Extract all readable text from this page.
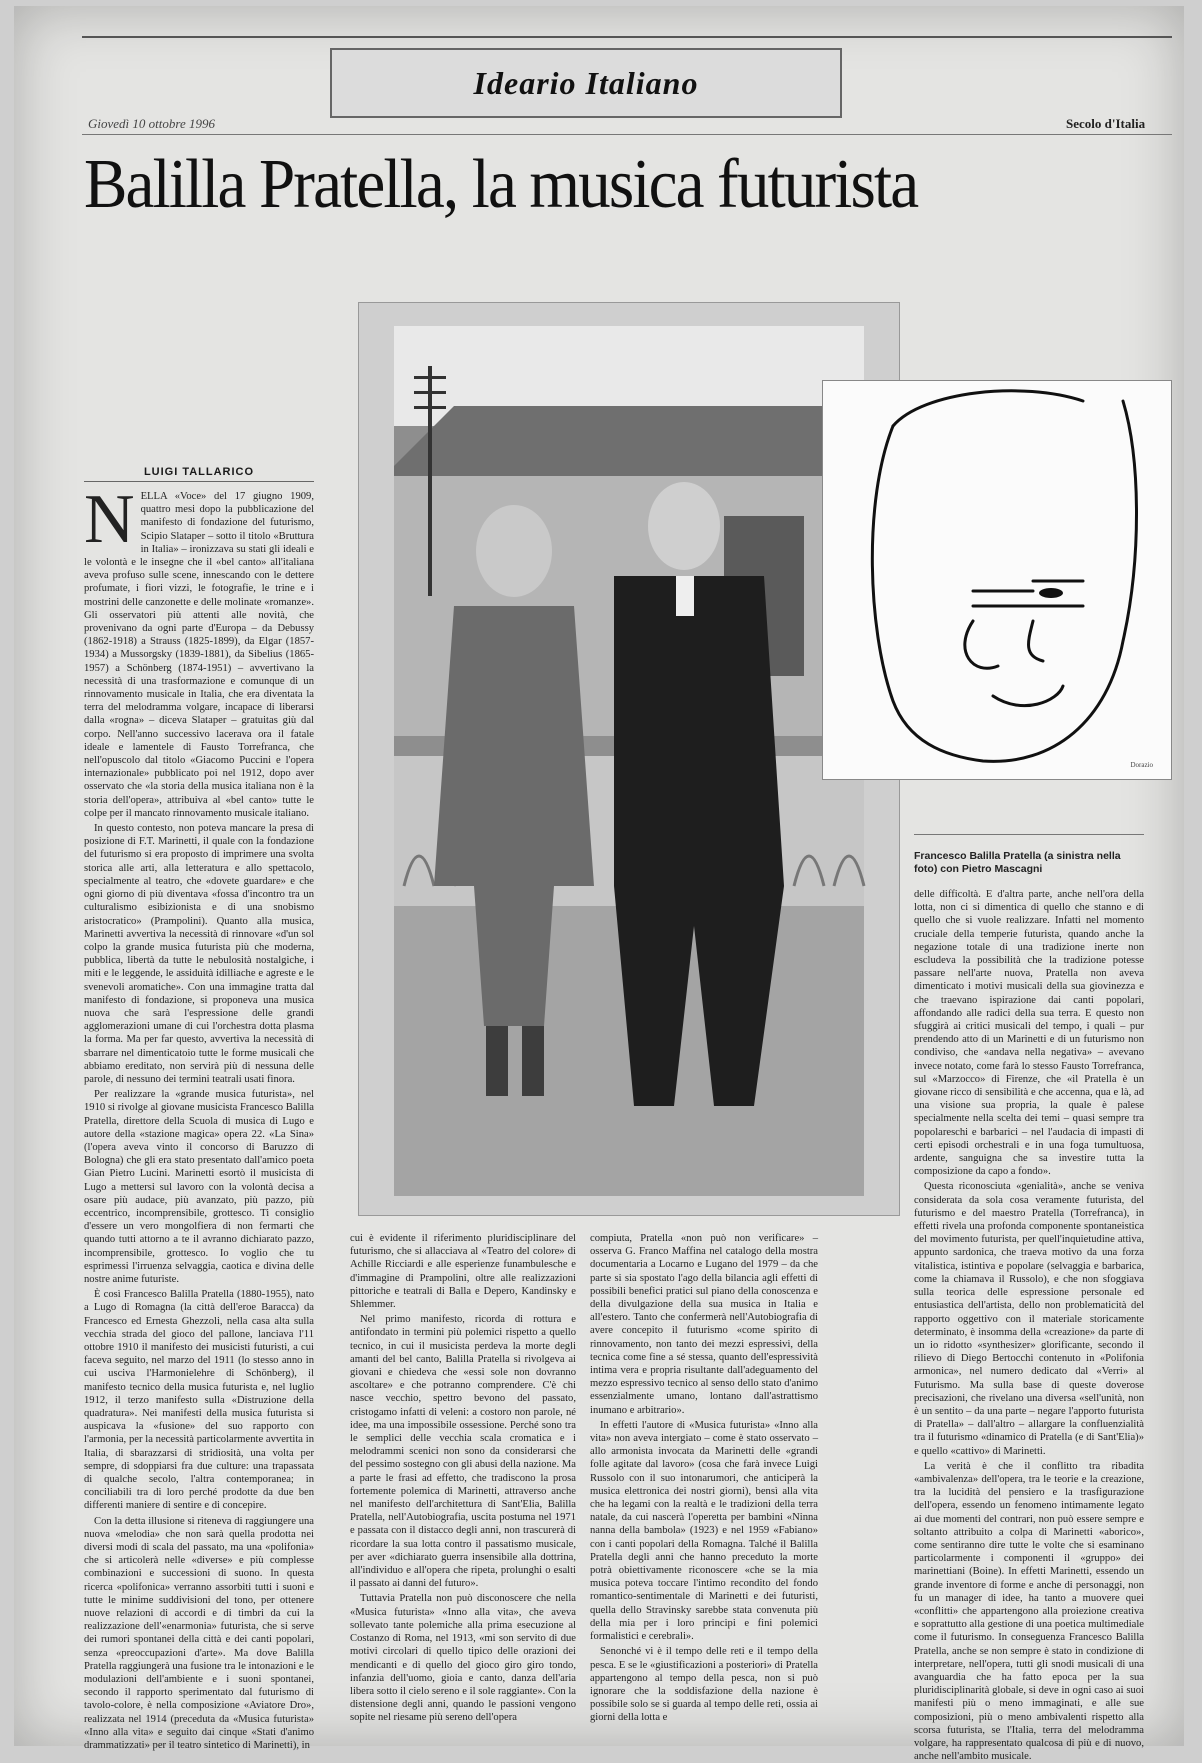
Ideario Italiano
Giovedì 10 ottobre 1996	Secolo d'Italia
Balilla Pratella, la musica futurista
LUIGI TALLARICO
N ELLA «Voce» del 17 giugno 1909, quattro mesi dopo la pubblicazione del manifesto di fondazione del futurismo, Scipio Slataper – sotto il titolo «Bruttura in Italia» – ironizzava su stati gli ideali e le volontà e le insegne che il «bel canto» all'italiana aveva profuso sulle scene, innescando con le dettere profumate, i fiori vizzi, le fotografie, le trine e i mostrini delle canzonette e delle molinate «romanze». Gli osservatori più attenti alle novità, che provenivano da ogni parte d'Europa – da Debussy (1862-1918) a Strauss (1825-1899), da Elgar (1857-1934) a Mussorgsky (1839-1881), da Sibelius (1865-1957) a Schönberg (1874-1951) – avvertivano la necessità di una trasformazione e comunque di un rinnovamento musicale in Italia, che era diventata la terra del melodramma volgare, incapace di liberarsi dalla «rogna» – diceva Slataper – gratuitas giù dal corpo. Nell'anno successivo lacerava ora il fatale ideale e lamentele di Fausto Torrefranca, che nell'opuscolo dal titolo «Giacomo Puccini e l'opera internazionale» pubblicato poi nel 1912, dopo aver osservato che «la storia della musica italiana non è la storia dell'opera», attribuiva al «bel canto» tutte le colpe per il mancato rinnovamento musicale italiano.

In questo contesto, non poteva mancare la presa di posizione di F.T. Marinetti, il quale con la fondazione del futurismo si era proposto di imprimere una svolta storica alle arti, alla letteratura e allo spettacolo, specialmente al teatro, che «dovete guardare» e che ogni giorno di più diventava «fossa d'incontro tra un culturalismo esibizionista e di una snobismo aristocratico» (Prampolini). Quanto alla musica, Marinetti avvertiva la necessità di rinnovare «d'un sol colpo la grande musica futurista più che moderna, pubblica, libertà da tutte le nebulosità nostalgiche, i miti e le leggende, le assiduità idilliache e agreste e le svenevoli aromatiche». Con una immagine tratta dal manifesto di fondazione, si proponeva una musica nuova che sarà l'espressione delle grandi agglomerazioni umane di cui l'orchestra dotta plasma la forma. Ma per far questo, avvertiva la necessità di sbarrare nel dimenticatoio tutte le forme musicali che abbiamo ereditato, non servirà più di nessuna delle parole, di nessuno dei termini teatrali usati finora.

Per realizzare la «grande musica futurista», nel 1910 si rivolge al giovane musicista Francesco Balilla Pratella, direttore della Scuola di musica di Lugo e autore della «stazione magica» opera 22. «La Sina» (l'opera aveva vinto il concorso di Baruzzo di Bologna) che gli era stato presentato dall'amico poeta Gian Pietro Lucini. Marinetti esortò il musicista di Lugo a mettersi sul lavoro con la volontà decisa a osare più audace, più avanzato, più pazzo, più eccentrico, incomprensibile, grottesco. Ti consiglio d'essere un vero mongolfiera di non fermarti che quando tutti attorno a te il avranno dichiarato pazzo, incomprensibile, grottesco. Io voglio che tu esprimessi l'irruenza selvaggia, caotica e divina delle nostre anime futuriste.

È così Francesco Balilla Pratella (1880-1955), nato a Lugo di Romagna (la città dell'eroe Baracca) da Francesco ed Ernesta Ghezzoli, nella casa alta sulla vecchia strada del gioco del pallone, lanciava l'11 ottobre 1910 il manifesto dei musicisti futuristi, a cui faceva seguito, nel marzo del 1911 (lo stesso anno in cui usciva l'Harmonielehre di Schönberg), il manifesto tecnico della musica futurista e, nel luglio 1912, il terzo manifesto sulla «Distruzione della quadratura». Nei manifesti della musica futurista si auspicava la «fusione» del suo rapporto con l'armonia, per la necessità particolarmente avvertita in Italia, di sbarazzarsi di stridiosità, una volta per sempre, di sdoppiarsi fra due culture: una trapassata di qualche secolo, l'altra contemporanea; in conciliabili tra di loro perché prodotte da due ben differenti maniere di sentire e di concepire.

Con la detta illusione si riteneva di raggiungere una nuova «melodia» che non sarà quella prodotta nei diversi modi di scala del passato, ma una «polifonia» che si articolerà nelle «diverse» e più complesse combinazioni e successioni di suono. In questa ricerca «polifonica» verranno assorbiti tutti i suoni e tutte le minime suddivisioni del tono, per ottenere nuove relazioni di accordi e di timbri da cui la realizzazione dell'«enarmonia» futurista, che si serve dei rumori spontanei della città e dei canti popolari, senza «preoccupazioni d'arte». Ma dove Balilla Pratella raggiungerà una fusione tra le intonazioni e le modulazioni dell'ambiente e i suoni spontanei, secondo il rapporto sperimentato dal futurismo di tavolo-colore, è nella composizione «Aviatore Dro», realizzata nel 1914 (preceduta da «Musica futurista» «Inno alla vita» e seguito dai cinque «Stati d'animo drammatizzati» per il teatro sintetico di Marinetti), in

Dorazio
Francesco Balilla Pratella (a sinistra nella foto) con Pietro Mascagni

cui è evidente il riferimento pluridisciplinare del futurismo, che si allacciava al «Teatro del colore» di Achille Ricciardi e alle esperienze funambulesche e d'immagine di Prampolini, oltre alle realizzazioni pittoriche e teatrali di Balla e Depero, Kandinsky e Shlemmer.

Nel primo manifesto, ricorda di rottura e antifondato in termini più polemici rispetto a quello tecnico, in cui il musicista perdeva la morte degli amanti del bel canto, Balilla Pratella si rivolgeva ai giovani e chiedeva che «essi sole non dovranno ascoltare» e che potranno comprendere. C'è chi nasce vecchio, spettro bevono del passato, cristogamo infatti di veleni: a costoro non parole, né idee, ma una impossibile ossessione. Perché sono tra le semplici delle vecchia scala cromatica e i melodrammi scenici non sono da considerarsi che del pessimo sostegno con gli abusi della nazione. Ma a parte le frasi ad effetto, che tradiscono la prosa fortemente polemica di Marinetti, attraverso anche nel manifesto dell'architettura di Sant'Elia, Balilla Pratella, nell'Autobiografia, uscita postuma nel 1971 e passata con il distacco degli anni, non trascurerà di ricordare la sua lotta contro il passatismo musicale, per aver «dichiarato guerra insensibile alla dottrina, all'individuo e all'opera che ripeta, prolunghi o esalti il passato ai danni del futuro».

Tuttavia Pratella non può disconoscere che nella «Musica futurista» «Inno alla vita», che aveva sollevato tante polemiche alla prima esecuzione al Costanzo di Roma, nel 1913, «mi son servito di due motivi circolari di quello tipico delle orazioni dei mendicanti e di quello del gioco giro giro tondo, infanzia dell'uomo, gioia e canto, danza dell'aria libera sotto il cielo sereno e il sole raggiante». Con la distensione degli anni, quando le passioni vengono sopite nel riesame più sereno dell'opera

compiuta, Pratella «non può non verificare» – osserva G. Franco Maffina nel catalogo della mostra documentaria a Locarno e Lugano del 1979 – da che parte si sia spostato l'ago della bilancia agli effetti di possibili benefici pratici sul piano della conoscenza e della divulgazione della sua musica in Italia e all'estero. Tanto che confermerà nell'Autobiografia di avere concepito il futurismo «come spirito di rinnovamento, non tanto dei mezzi espressivi, della tecnica come fine a sé stessa, quanto dell'espressività intima vera e propria risultante dall'adeguamento del mezzo espressivo tecnico al senso dello stato d'animo essenzialmente umano, lontano dall'astrattismo inumano e arbitrario».

In effetti l'autore di «Musica futurista» «Inno alla vita» non aveva intergiato – come è stato osservato – allo armonista invocata da Marinetti delle «grandi folle agitate dal lavoro» (cosa che farà invece Luigi Russolo con il suo intonarumori, che anticiperà la musica elettronica dei nostri giorni), bensì alla vita che ha legami con la realtà e le tradizioni della terra natale, da cui nascerà l'operetta per bambini «Ninna nanna della bambola» (1923) e nel 1959 «Fabiano» con i canti popolari della Romagna. Talché il Balilla Pratella degli anni che hanno preceduto la morte potrà obiettivamente riconoscere «che se la mia musica poteva toccare l'intimo recondito del fondo romantico-sentimentale di Marinetti e dei futuristi, quella dello Stravinsky sarebbe stata convenuta più della mia per i loro principi e fini polemici formalistici e cerebrali».

Senonché vi è il tempo delle reti e il tempo della pesca. E se le «giustificazioni a posteriori» di Pratella appartengono al tempo della pesca, non si può ignorare che la soddisfazione della nazione è possibile solo se si guarda al tempo delle reti, ossia ai giorni della lotta e

delle difficoltà. E d'altra parte, anche nell'ora della lotta, non ci si dimentica di quello che stanno e di quello che si vuole realizzare. Infatti nel momento cruciale della temperie futurista, quando anche la negazione totale di una tradizione inerte non escludeva la possibilità che la tradizione potesse passare nell'arte nuova, Pratella non aveva dimenticato i motivi musicali della sua giovinezza e che traevano ispirazione dai canti popolari, affondando alle radici della sua terra. E questo non sfuggirà ai critici musicali del tempo, i quali – pur prendendo atto di un Marinetti e di un futurismo non condiviso, che «andava nella negativa» – avevano invece notato, come farà lo stesso Fausto Torrefranca, sul «Marzocco» di Firenze, che «il Pratella è un giovane ricco di sensibilità e che accenna, qua e là, ad una visione sua propria, la quale è palese specialmente nella scelta dei temi – quasi sempre tra popolareschi e barbarici – nel l'audacia di impasti di certi episodi orchestrali e in una foga tumultuosa, ardente, sanguigna che sa investire tutta la composizione da capo a fondo».

Questa riconosciuta «genialità», anche se veniva considerata da sola cosa veramente futurista, del futurismo e del maestro Pratella (Torrefranca), in effetti rivela una profonda componente spontaneistica del movimento futurista, per quell'inquietudine attiva, appunto sardonica, che traeva motivo da una forza vitalistica, istintiva e popolare (selvaggia e barbarica, come la chiamava il Russolo), e che non sfoggiava sulla teorica delle espressione personale ed entusiastica dell'artista, dello non problematicità del rapporto oggettivo con il materiale storicamente determinato, è insomma della «creazione» da parte di un io ridotto «synthesizer» glorificante, secondo il rilievo di Diego Bertocchi contenuto in «Polifonia armonica», nel numero dedicato dal «Verri» al Futurismo. Ma sulla base di queste doverose precisazioni, che rivelano una diversa «sell'unità, non è un sentito – da una parte – negare l'apporto futurista di Pratella» – dall'altro – allargare la confluenzialità tra il futurismo «dinamico di Pratella (e di Sant'Elia)» e quello «cattivo» di Marinetti.

La verità è che il conflitto tra ribadita «ambivalenza» dell'opera, tra le teorie e la creazione, tra la lucidità del pensiero e la trasfigurazione dell'opera, essendo un fenomeno intimamente legato ai due momenti del contrari, non può essere sempre e soltanto attribuito a colpa di Marinetti «aborico», come sentiranno dire tutte le volte che si esaminano particolarmente i componenti il «gruppo» dei marinettiani (Boine). In effetti Marinetti, essendo un grande inventore di forme e anche di personaggi, non fu un manager di idee, ha tanto a muovere quei «conflitti» che appartengono alla proiezione creativa e soprattutto alla gestione di una poetica multimediale come il futurismo. In conseguenza Francesco Balilla Pratella, anche se non sempre è stato in condizione di interpretare, nell'opera, tutti gli snodi musicali di una avanguardia che ha fatto epoca per la sua pluridisciplinarità globale, si deve in ogni caso ai suoi manifesti più o meno immaginati, e alle sue composizioni, più o meno ambivalenti rispetto alla scorsa futurista, se l'Italia, terra del melodramma volgare, ha rappresentato qualcosa di più e di nuovo, anche nell'ambito musicale.
